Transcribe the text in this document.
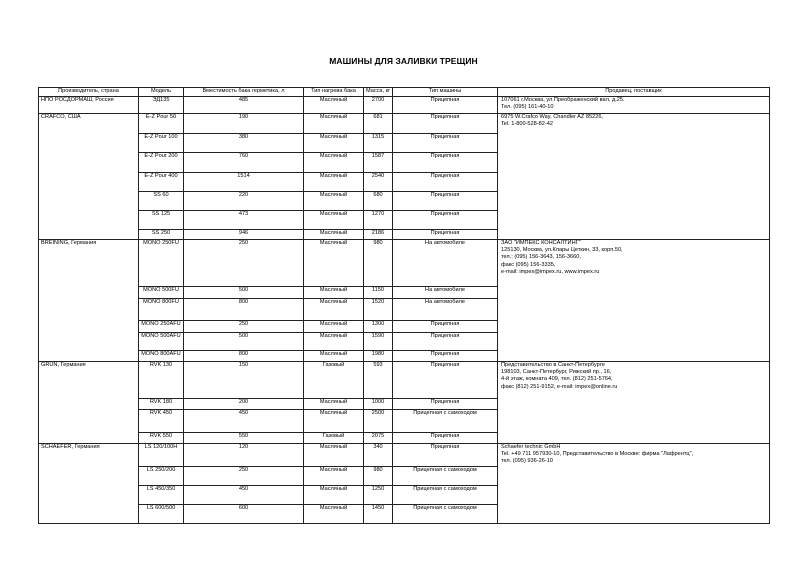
МАШИНЫ ДЛЯ ЗАЛИВКИ ТРЕЩИН
Производитель, страна	Модель	Вместимость бака герметика, л	Тип нагрева бака	Масса, кг	Тип машины	Продавец, поставщик
НПО РОСДОРМАШ, Россия	ЭД135	485	Масляный	2700	Прицепная	107061 г.Москва, ул.Преображенский вал, д.25.
Тел. (095) 161-40-10

CRAFCO, США	E-Z Pour 50	190	Масляный	681	Прицепная	6975 W.Crafco Way, Chandler AZ 85226,
Tel. 1-800-528-82-42

	E-Z Pour 100	380	Масляный	1315	Прицепная	
	E-Z Pour 200	760	Масляный	1587	Прицепная	
	E-Z Pour 400	1514	Масляный	2540	Прицепная	
	SS 60	220	Масляный	680	Прицепная	
	SS 125	473	Масляный	1270	Прицепная	
	SS 250	946	Масляный	2186	Прицепная	
BREINING, Германия	MONO 250FU	250	Масляный	980	На автомобиле	ЗАО "ИМПЕКС КОНСАЛТИНГ"
125130, Москва, ул.Клары Цеткин, 33, корп.50,
тел.: (095) 156-3643, 156-3660,
факс (095) 156-3335,
e-mail: impex@impex.ru, www.impex.ru

	MONO 500FU	500	Масляный	1150	На автомобиле	
	MONO 800FU	800	Масляный	1520	На автомобиле	
	MONO 250AFU	250	Масляный	1300	Прицепная	
	MONO 500AFU	500	Масляный	1590	Прицепная	
	MONO 800AFU	800	Масляный	1980	Прицепная	
GRUN, Германия	RVK 130	150	Газовый	593	Прицепная	Представительство в Санкт-Петербурге
198103, Санкт-Петербург, Рижский пр., 16,
4-й этаж, комната 409, тел. (812) 251-5764,
факс (812) 251-9152, e-mail: impex@online.ru

	RVK 180	200	Масляный	1000	Прицепная	
	RVK 450	450	Масляный	2500	Прицепная с самоходом	
	RVK 550	550	Газовый	2075	Прицепная	
SCHAEFER, Германия	LS 120/100H	120	Масляный	340	Прицепная	Schaefer technic GmbH
Tel. +49 711 957930-10, Представительство в Москве: фирма "Лафрентц",
тел. (095) 936-26-10

	LS 250/200	250	Масляный	980	Прицепная с самоходом	
	LS 450/350	450	Масляный	1250	Прицепная с самоходом	
	LS 600/500	600	Масляный	1450	Прицепная с самоходом	
